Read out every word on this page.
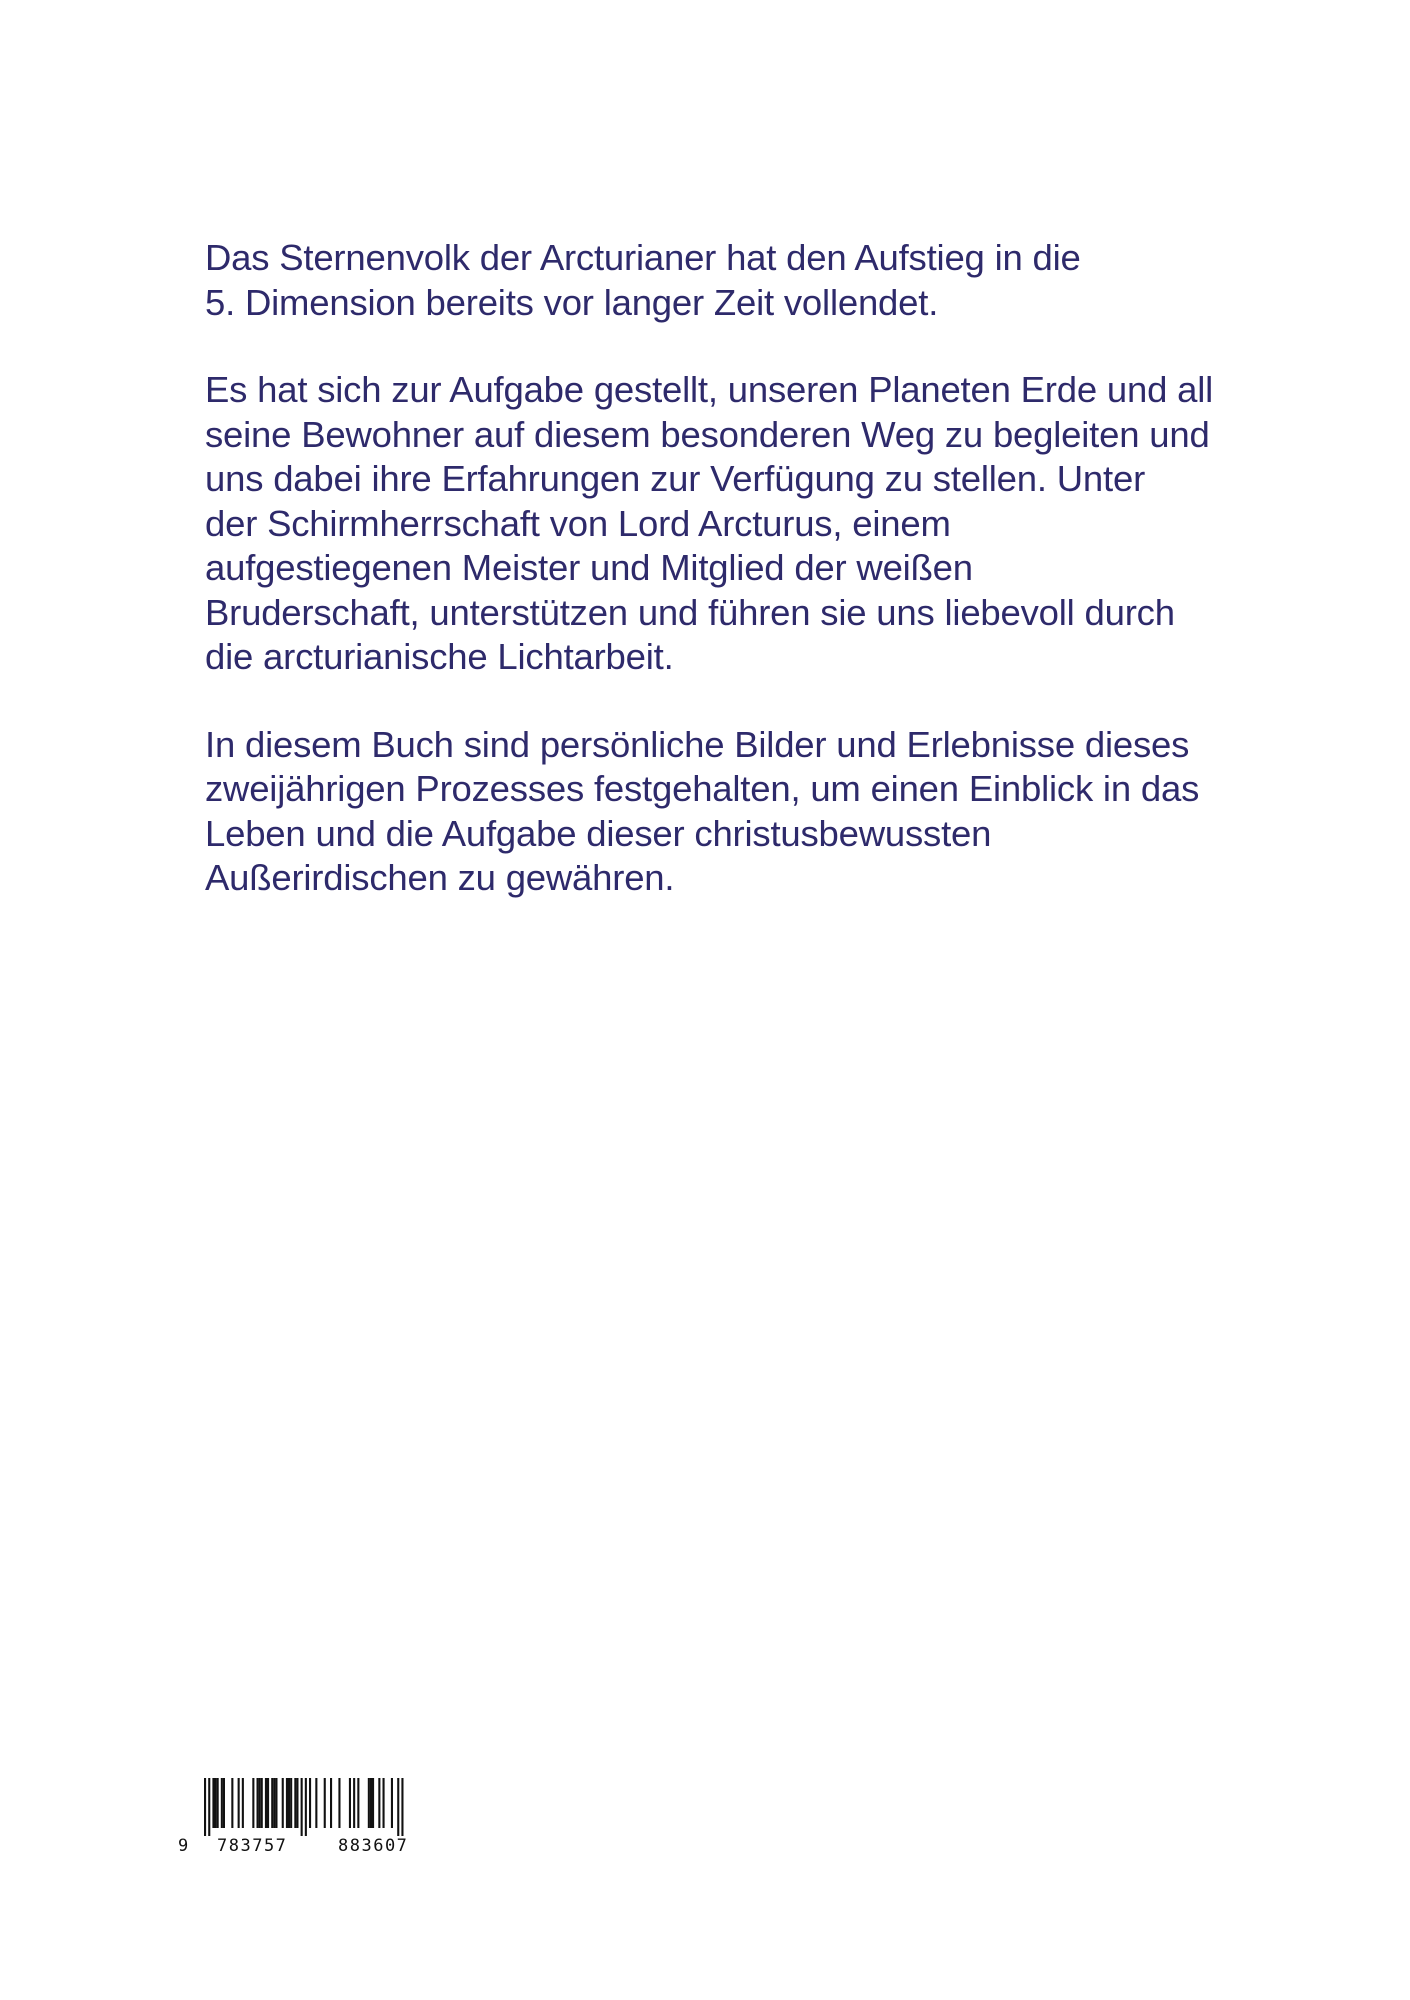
Das Sternenvolk der Arcturianer hat den Aufstieg in die
5. Dimension bereits vor langer Zeit vollendet.
Es hat sich zur Aufgabe gestellt, unseren Planeten Erde und all
seine Bewohner auf diesem besonderen Weg zu begleiten und
uns dabei ihre Erfahrungen zur Verfügung zu stellen. Unter
der Schirmherrschaft von Lord Arcturus, einem
aufgestiegenen Meister und Mitglied der weißen
Bruderschaft, unterstützen und führen sie uns liebevoll durch
die arcturianische Lichtarbeit.
In diesem Buch sind persönliche Bilder und Erlebnisse dieses
zweijährigen Prozesses festgehalten, um einen Einblick in das
Leben und die Aufgabe dieser christusbewussten
Außerirdischen zu gewähren.
9 783757	883607
